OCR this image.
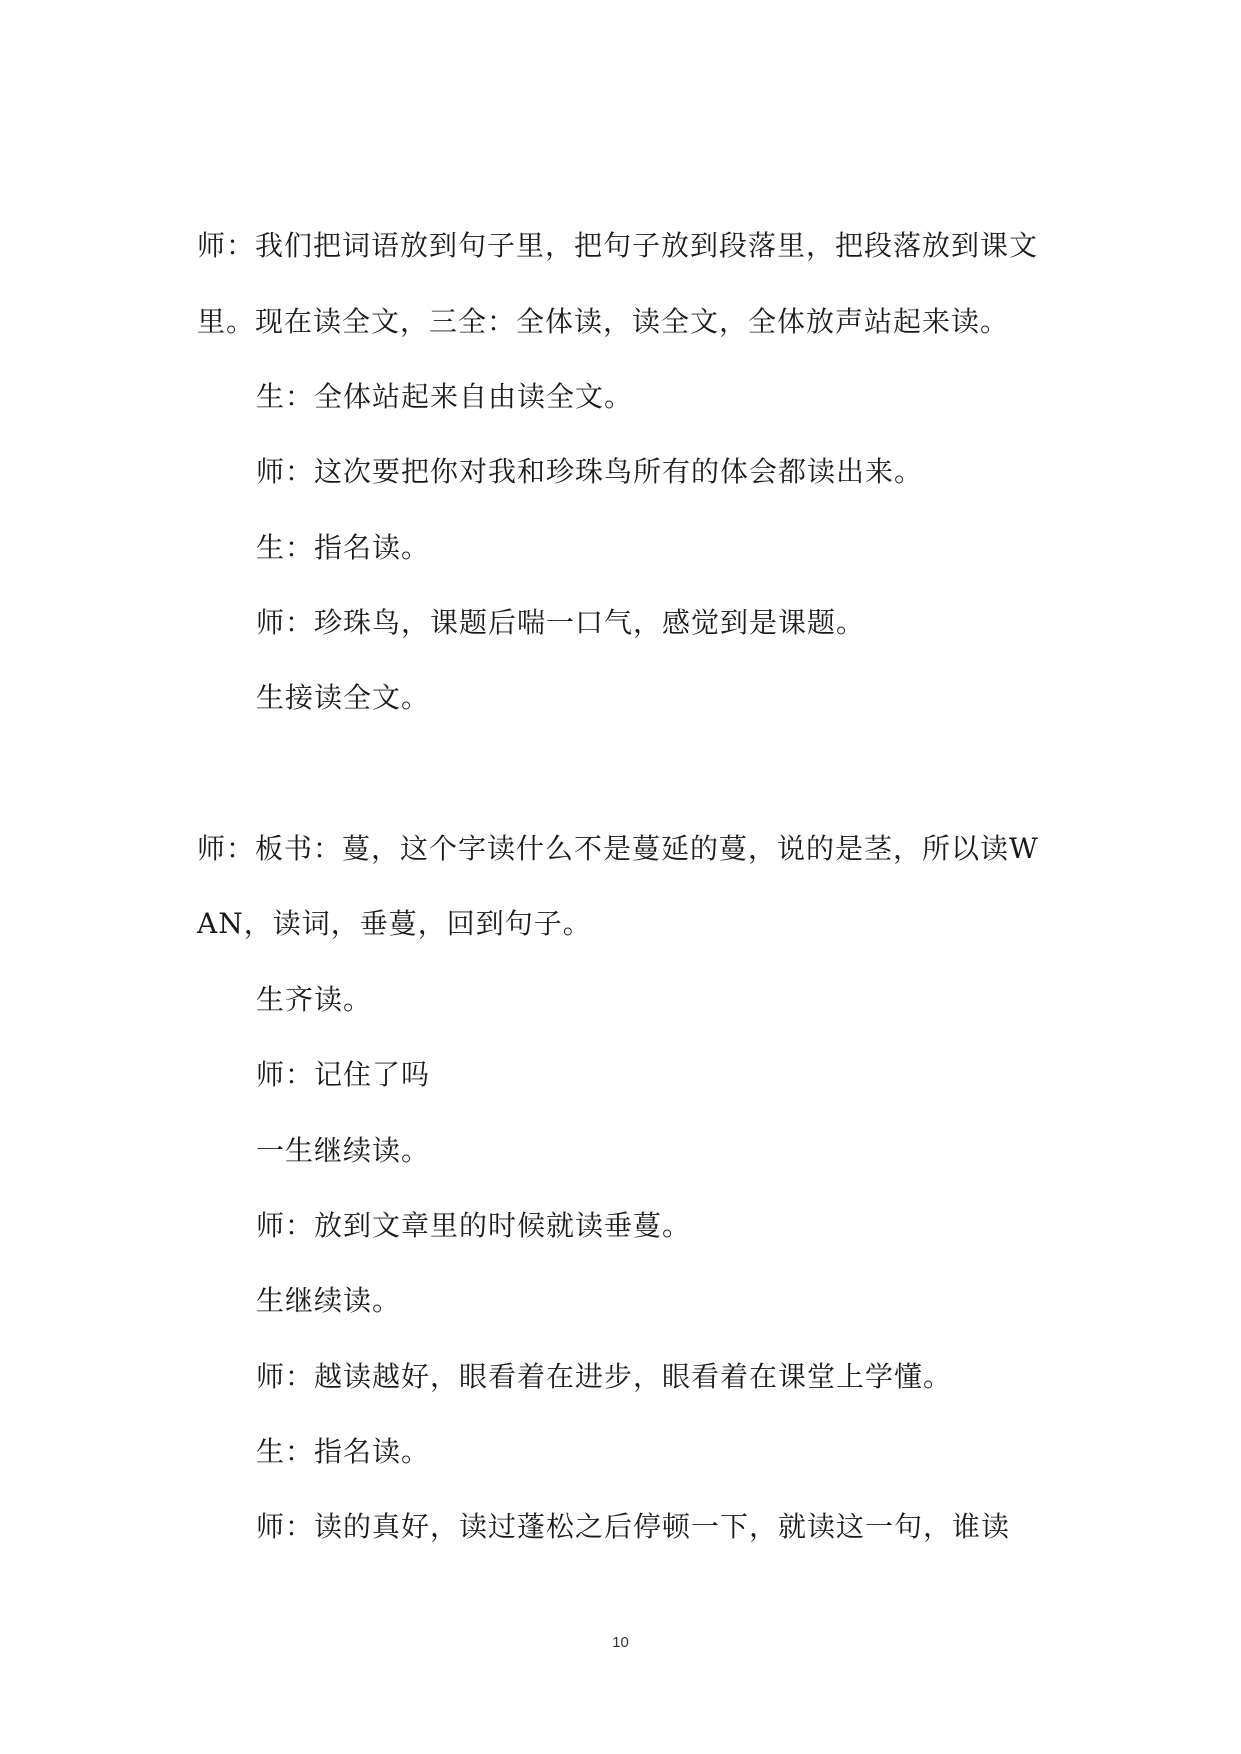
师：我们把词语放到句子里，把句子放到段落里，把段落放到课文
里。现在读全文，三全：全体读，读全文，全体放声站起来读。
生：全体站起来自由读全文。
师：这次要把你对我和珍珠鸟所有的体会都读出来。
生：指名读。
师：珍珠鸟，课题后喘一口气，感觉到是课题。
生接读全文。
师：板书：蔓，这个字读什么不是蔓延的蔓，说的是茎，所以读W
AN，读词，垂蔓，回到句子。
生齐读。
师：记住了吗
一生继续读。
师：放到文章里的时候就读垂蔓。
生继续读。
师：越读越好，眼看着在进步，眼看着在课堂上学懂。
生：指名读。
师：读的真好，读过蓬松之后停顿一下，就读这一句，谁读
10
